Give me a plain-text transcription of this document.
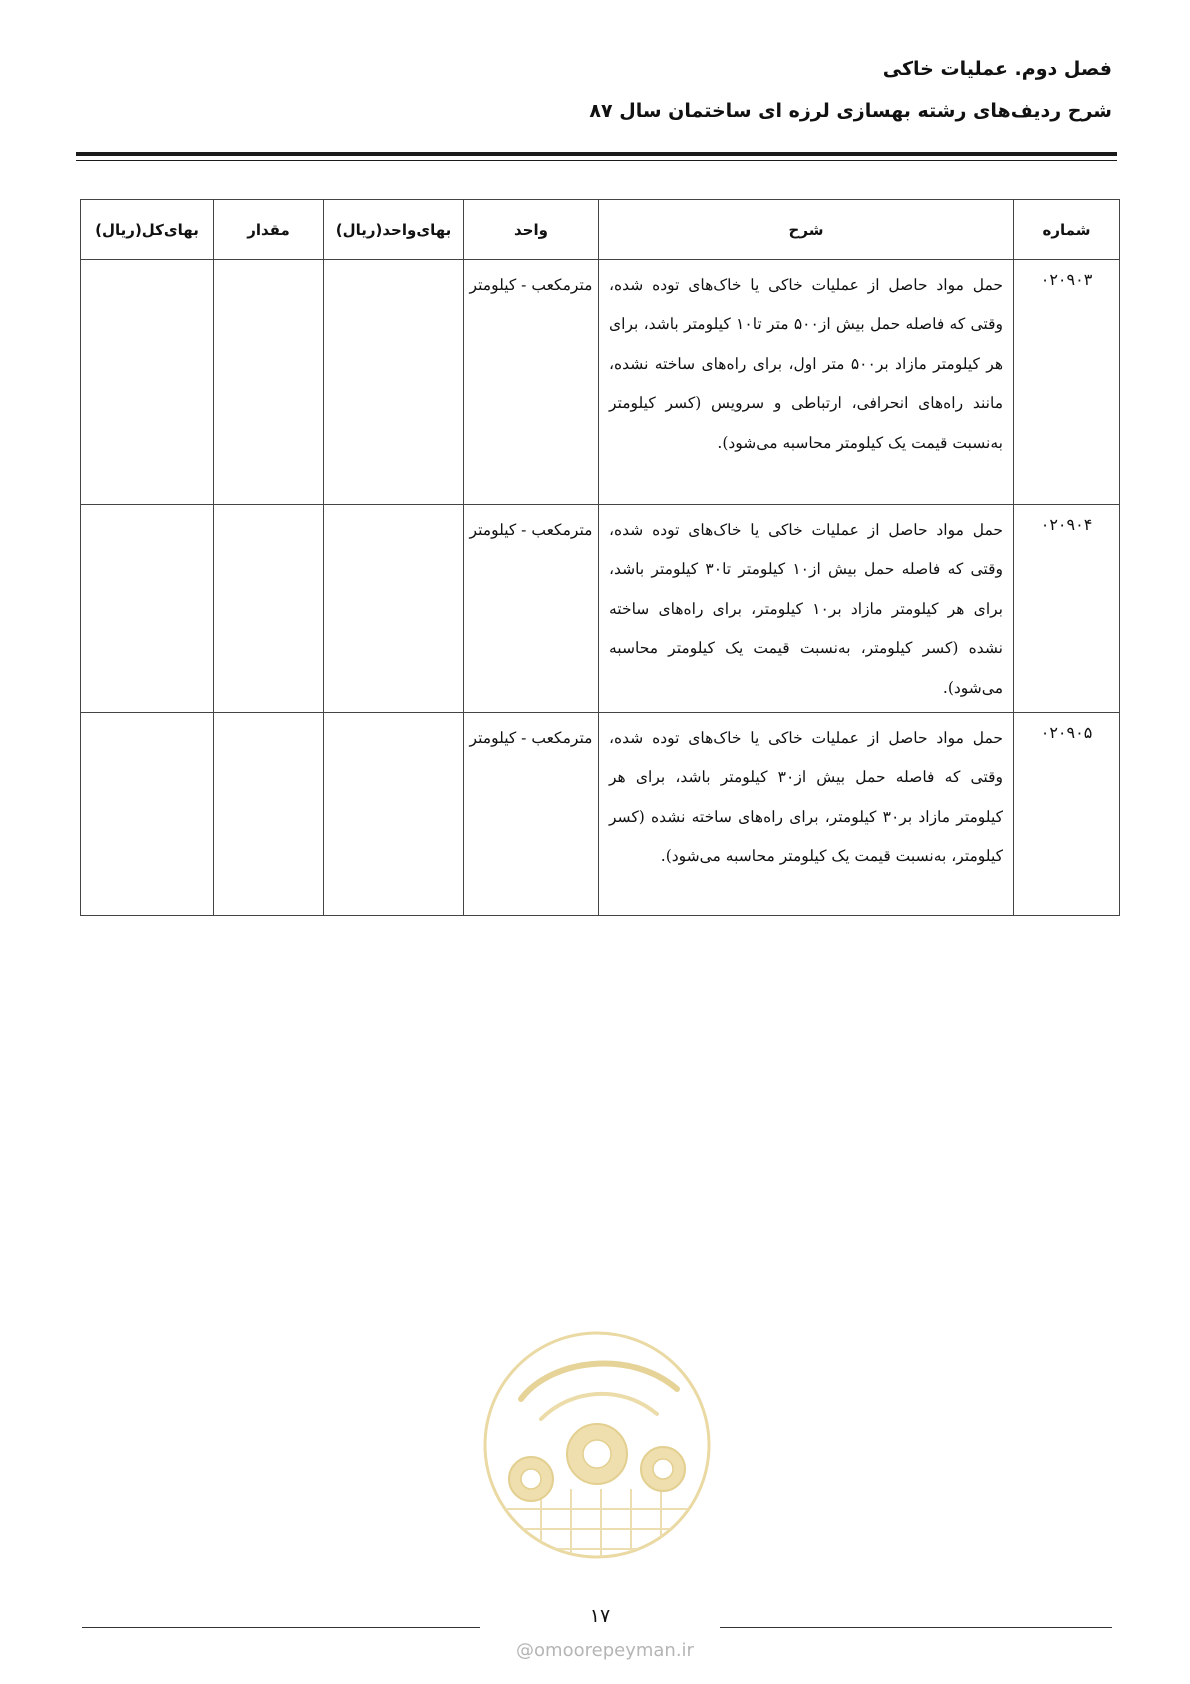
فصل دوم. عملیات خاکی
شرح ردیف‌های رشته بهسازی لرزه ای ساختمان سال ۸۷
شماره	شرح	واحد	بهای‌واحد(ریال)	مقدار	بهای‌کل(ریال)
۰۲۰۹۰۳	حمل مواد حاصل از عملیات خاکی یا خاک‌های توده شده، وقتی که فاصله حمل بیش از۵۰۰ متر تا۱۰ کیلومتر باشد، برای هر کیلومتر مازاد بر۵۰۰ متر اول، برای راه‌های ساخته نشده، مانند راه‌های انحرافی، ارتباطی و سرویس (کسر کیلومتر به‌نسبت قیمت یک کیلومتر محاسبه می‌شود).	مترمکعب - کیلومتر			
۰۲۰۹۰۴	حمل مواد حاصل از عملیات خاکی یا خاک‌های توده شده، وقتی که فاصله حمل بیش از۱۰ کیلومتر تا۳۰ کیلومتر باشد، برای هر کیلومتر مازاد بر۱۰ کیلومتر، برای راه‌های ساخته نشده (کسر کیلومتر، به‌نسبت قیمت یک کیلومتر محاسبه می‌شود).	مترمکعب - کیلومتر			
۰۲۰۹۰۵	حمل مواد حاصل از عملیات خاکی یا خاک‌های توده شده، وقتی که فاصله حمل بیش از۳۰ کیلومتر باشد، برای هر کیلومتر مازاد بر۳۰ کیلومتر، برای راه‌های ساخته نشده (کسر کیلومتر، به‌نسبت قیمت یک کیلومتر محاسبه می‌شود).	مترمکعب - کیلومتر			
۱۷
@omoorepeyman.ir
